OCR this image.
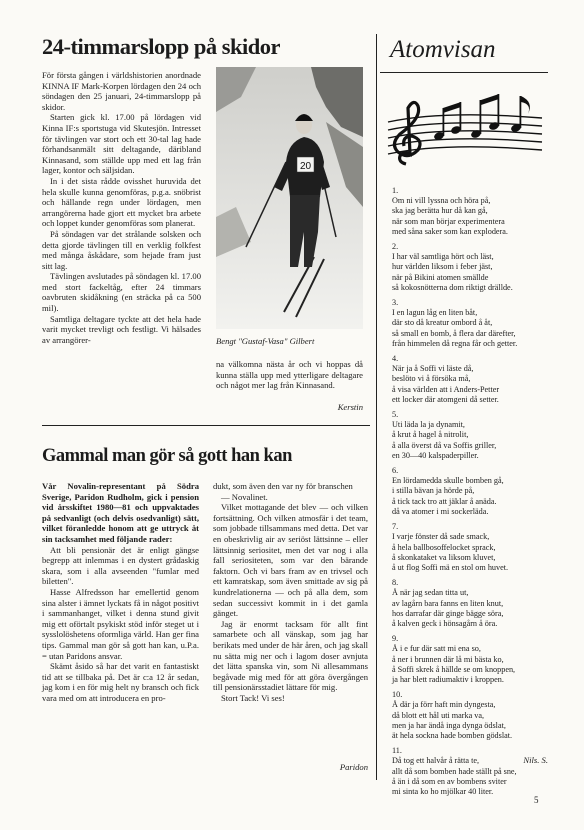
24-timmarslopp på skidor

För första gången i världshistorien anordnade KINNA IF Mark-Korpen lördagen den 24 och söndagen den 25 januari, 24-timmarslopp på skidor.

Starten gick kl. 17.00 på lördagen vid Kinna IF:s sportstuga vid Skutesjön. Intresset för tävlingen var stort och ett 30-tal lag hade förhandsanmält sitt deltagande, däribland Kinnasand, som ställde upp med ett lag från lager, kontor och säljsidan.

In i det sista rådde ovisshet huruvida det hela skulle kunna genomföras, p.g.a. snöbrist och hällande regn under lördagen, men arrangörerna hade gjort ett mycket bra arbete och loppet kunder genomföras som planerat.

På söndagen var det strålande solsken och detta gjorde tävlingen till en verklig folkfest med många åskådare, som hejade fram just sitt lag.

Tävlingen avslutades på söndagen kl. 17.00 med stort fackeltåg, efter 24 timmars oavbruten skidåkning (en sträcka på ca 500 mil).

Samtliga deltagare tyckte att det hela hade varit mycket trevligt och festligt. Vi hälsades av arrangörer-

20
Bengt "Gustaf-Vasa" Gilbert

na välkomna nästa år och vi hoppas då kunna ställa upp med ytterligare deltagare och något mer lag från Kinnasand.

Kerstin
Gammal man gör så gott han kan

Vår Novalin-representant på Södra Sverige, Paridon Rudholm, gick i pension vid årsskiftet 1980—81 och uppvaktades på sedvanligt (och delvis osedvanligt) sätt, vilket föranledde honom att ge uttryck åt sin tacksamhet med följande rader:

Att bli pensionär det är enligt gängse begrepp att inlemmas i en dystert grådaskig skara, som i alla avseenden "fumlar med biletten".

Hasse Alfredsson har emellertid genom sina alster i ämnet lyckats få in något positivt i sammanhanget, vilket i denna stund givit mig ett oförtalt psykiskt stöd inför steget ut i sysslolöshetens oformliga värld. Han ger fina tips. Gammal man gör så gott han kan, u.P.a. = utan Paridons ansvar.

Skämt åsido så har det varit en fantastiskt tid att se tillbaka på. Det är c:a 12 år sedan, jag kom i en för mig helt ny bransch och fick vara med om att introducera en pro-

dukt, som även den var ny för branschen

— Novalinet.

Vilket mottagande det blev — och vilken fortsättning. Och vilken atmosfär i det team, som jobbade tillsammans med detta. Det var en obeskrivlig air av seriöst lättsinne – eller lättsinnig seriositet, men det var nog i alla fall seriositeten, som var den bärande faktorn. Och vi bars fram av en trivsel och ett kamratskap, som även smittade av sig på kundrelationerna — och på alla dem, som sedan successivt kommit in i det gamla gänget.

Jag är enormt tacksam för allt fint samarbete och all vänskap, som jag har berikats med under de här åren, och jag skall nu sätta mig ner och i lagom doser avnjuta det lätta spanska vin, som Ni allesammans begåvade mig med för att göra övergången till pensionärsstadiet lättare för mig.

Stort Tack! Vi ses!

Paridon
Atomvisan
1.
Om ni vill lyssna och höra på,
ska jag berätta hur då kan gå,
när som man börjar experimentera
med såna saker som kan explodera.
2.
I har väl samtliga hört och läst,
hur världen liksom i feber jäst,
när på Bikini atomen smällde
så kokosnötterna dom riktigt drällde.
3.
I en lagun låg en liten båt,
där sto då kreatur ombord å åt,
så small en bomb, å flera dar därefter,
från himmelen då regna får och getter.
4.
När ja å Soffi vi läste då,
beslöto vi å försöka må,
å visa världen att i Anders-Petter
ett locker där atomgeni då setter.
5.
Uti läda la ja dynamit,
å krut å hagel å nitrolit,
å alla överst då va Soffis griller,
en 30—40 kalspaderpiller.
6.
En lördamedda skulle bomben gå,
i stilla bävan ja hörde på,
å tick tack tro att jäklar å anäda.
då va atomer i mi sockerläda.
7.
I varje fönster då sade smack,
å hela ballbosoffelocket sprack,
å skonkataket va liksom kluvet,
å ut flog Soffi mä en stol om huvet.
8.
Å när jag sedan titta ut,
av lagårn bara fanns en liten knut,
hos darrafar där ginge bägge söra,
å kalven geck i hönsagårn å öra.
9.
Å i e fur där satt mi ena so,
å ner i brunnen där lå mi bästa ko,
å Soffi skrek å hällde se om knoppen,
ja har blett radiumaktiv i kroppen.
10.
Å där ja förr haft min dyngesta,
då blott ett hål uti marka va,
men ja har ändå inga dynga ödslat,
ät hela sockna hade bomben gödslat.
11.
Då tog ett halvår å rätta te,
allt då som bomben hade ställt på sne,
å än i då som en av bombens sviter
mi sinta ko ho mjölkar 40 liter.
Nils. S.
5
